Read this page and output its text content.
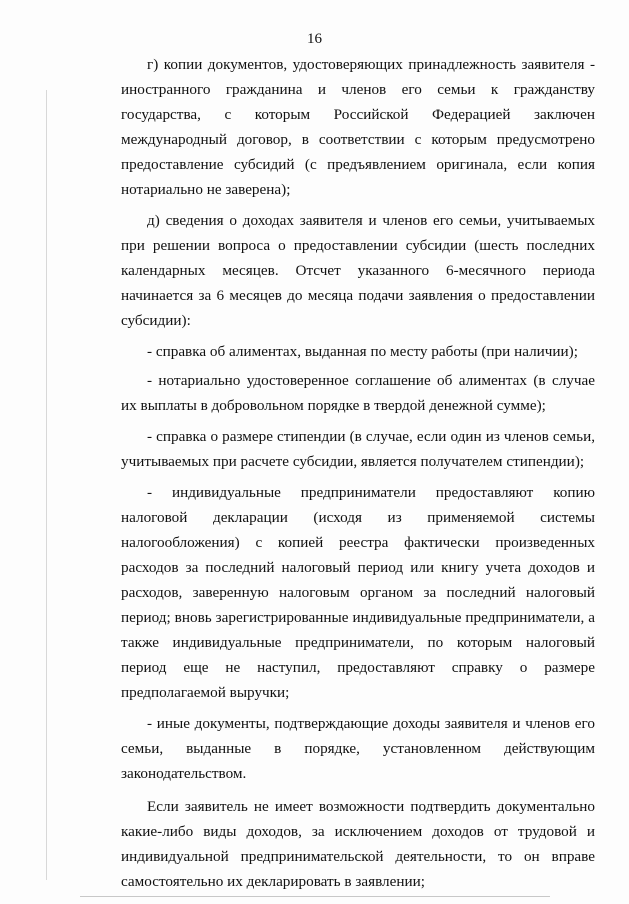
16

г) копии документов, удостоверяющих принадлежность заявителя - иностранного гражданина и членов его семьи к гражданству государства, с которым Российской Федерацией заключен международный договор, в соответствии с которым предусмотрено предоставление субсидий (с предъявлением оригинала, если копия нотариально не заверена);

д) сведения о доходах заявителя и членов его семьи, учитываемых при решении вопроса о предоставлении субсидии (шесть последних календарных месяцев. Отсчет указанного 6-месячного периода начинается за 6 месяцев до месяца подачи заявления о предоставлении субсидии):

- справка об алиментах, выданная по месту работы (при наличии);

- нотариально удостоверенное соглашение об алиментах (в случае их выплаты в добровольном порядке в твердой денежной сумме);

- справка о размере стипендии (в случае, если один из членов семьи, учитываемых при расчете субсидии, является получателем стипендии);

- индивидуальные предприниматели предоставляют копию налоговой декларации (исходя из применяемой системы налогообложения) с копией реестра фактически произведенных расходов за последний налоговый период или книгу учета доходов и расходов, заверенную налоговым органом за последний налоговый период; вновь зарегистрированные индивидуальные предприниматели, а также индивидуальные предприниматели, по которым налоговый период еще не наступил, предоставляют справку о размере предполагаемой выручки;

- иные документы, подтверждающие доходы заявителя и членов его семьи, выданные в порядке, установленном действующим законодательством.

Если заявитель не имеет возможности подтвердить документально какие-либо виды доходов, за исключением доходов от трудовой и индивидуальной предпринимательской деятельности, то он вправе самостоятельно их декларировать в заявлении;
